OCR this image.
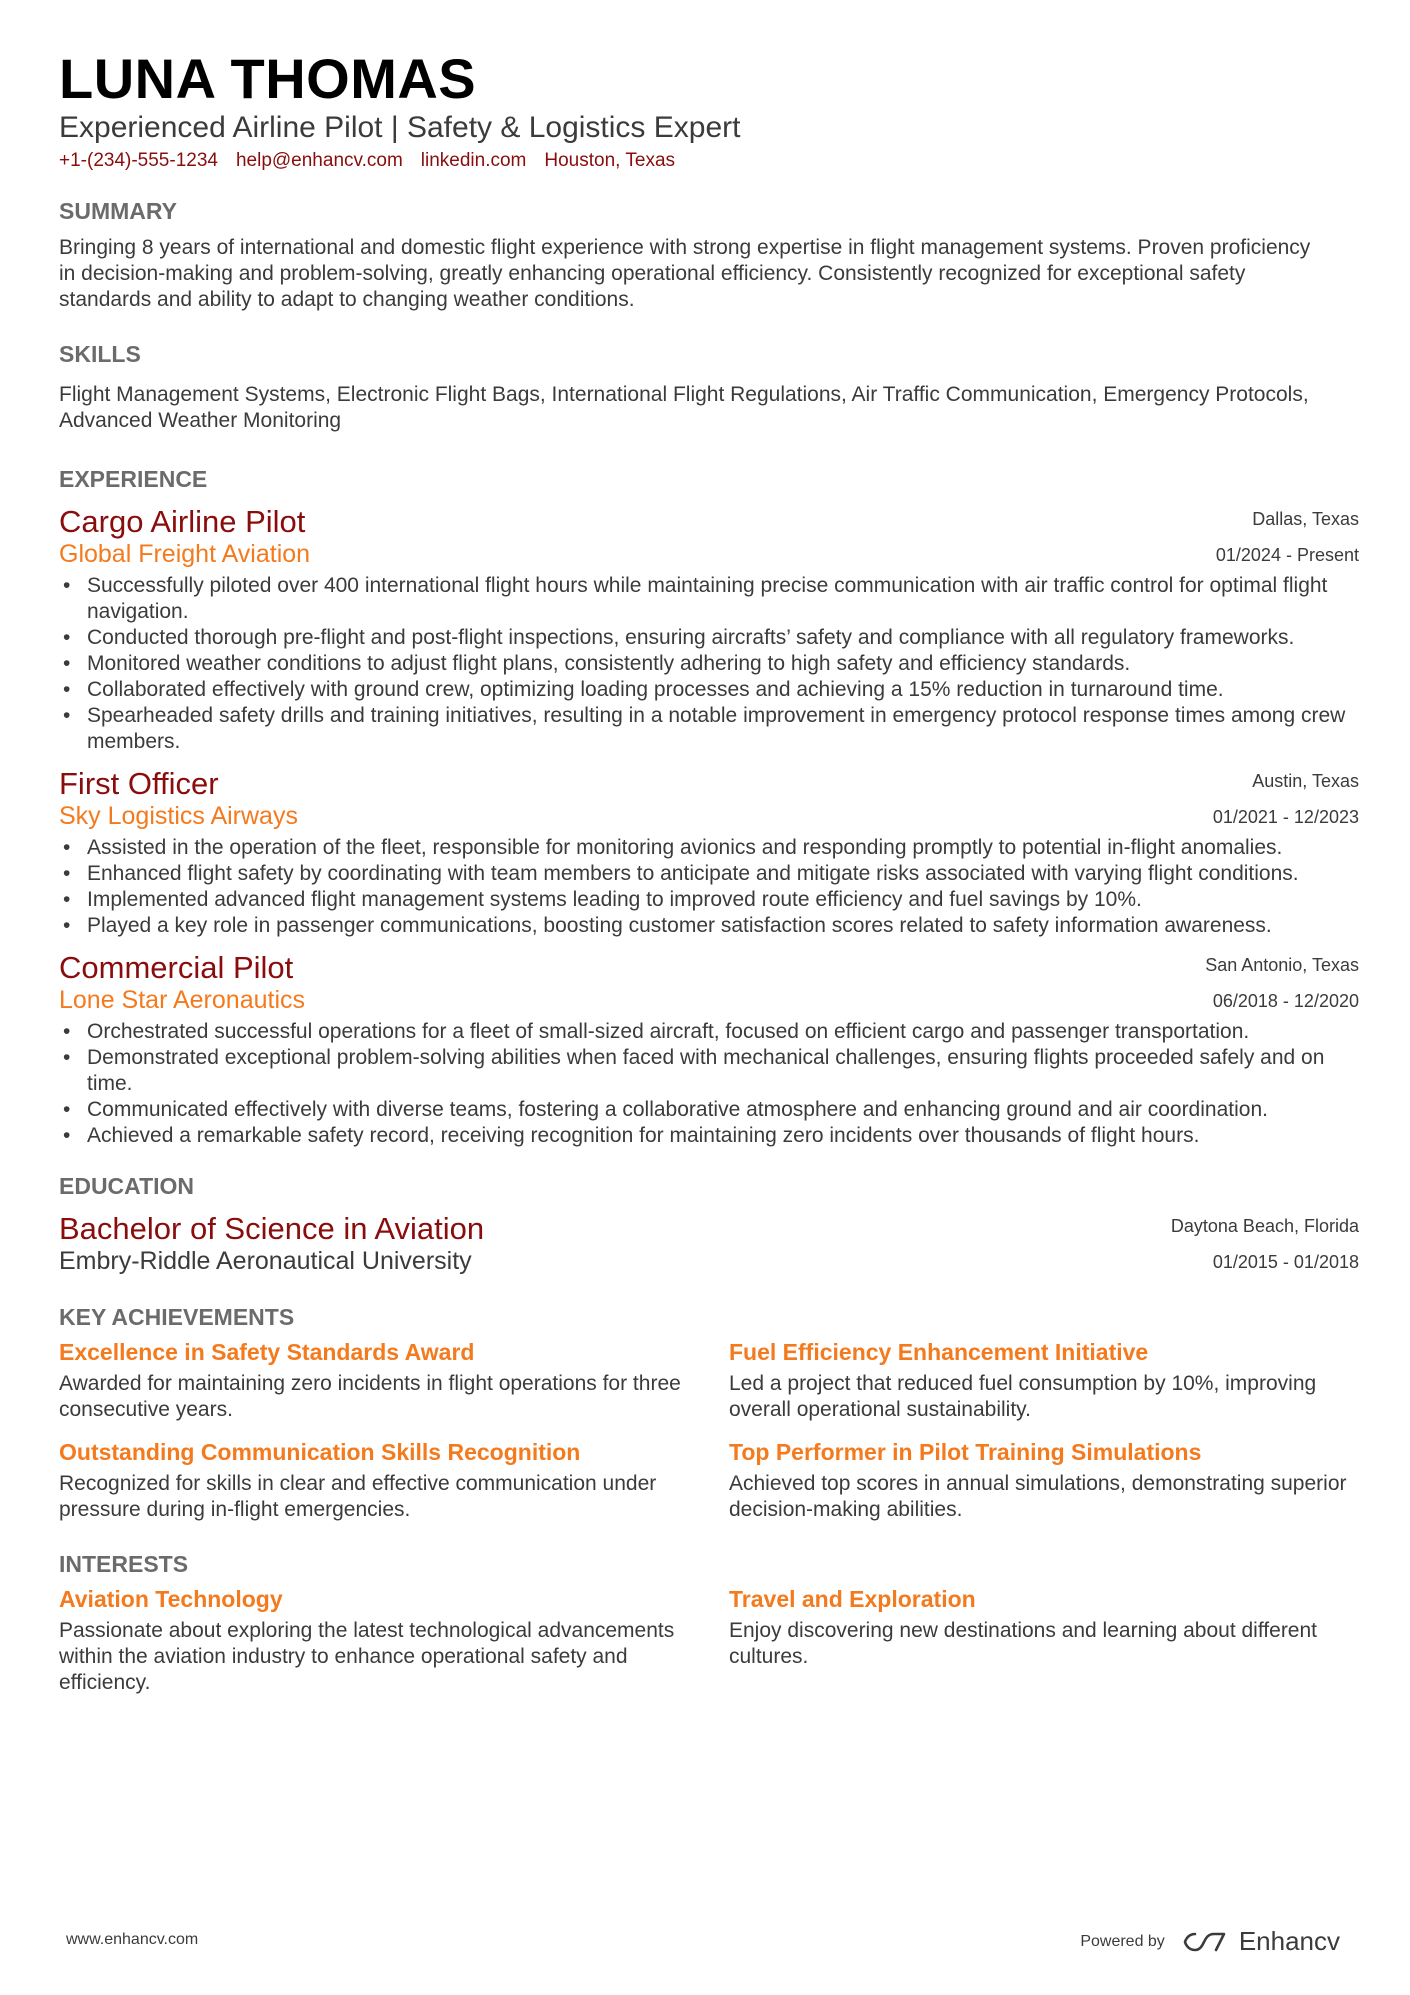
LUNA THOMAS
Experienced Airline Pilot | Safety & Logistics Expert
+1-(234)-555-1234 help@enhancv.com linkedin.com Houston, Texas
SUMMARY
Bringing 8 years of international and domestic flight experience with strong expertise in flight management systems. Proven proficiency in decision-making and problem-solving, greatly enhancing operational efficiency. Consistently recognized for exceptional safety standards and ability to adapt to changing weather conditions.
SKILLS
Flight Management Systems, Electronic Flight Bags, International Flight Regulations, Air Traffic Communication, Emergency Protocols, Advanced Weather Monitoring
EXPERIENCE
Cargo Airline Pilot
Global Freight Aviation
Dallas, Texas
01/2024 - Present
• Successfully piloted over 400 international flight hours while maintaining precise communication with air traffic control for optimal flight navigation.
• Conducted thorough pre-flight and post-flight inspections, ensuring aircrafts’ safety and compliance with all regulatory frameworks.
• Monitored weather conditions to adjust flight plans, consistently adhering to high safety and efficiency standards.
• Collaborated effectively with ground crew, optimizing loading processes and achieving a 15% reduction in turnaround time.
• Spearheaded safety drills and training initiatives, resulting in a notable improvement in emergency protocol response times among crew members.
First Officer
Sky Logistics Airways
Austin, Texas
01/2021 - 12/2023
• Assisted in the operation of the fleet, responsible for monitoring avionics and responding promptly to potential in-flight anomalies.
• Enhanced flight safety by coordinating with team members to anticipate and mitigate risks associated with varying flight conditions.
• Implemented advanced flight management systems leading to improved route efficiency and fuel savings by 10%.
• Played a key role in passenger communications, boosting customer satisfaction scores related to safety information awareness.
Commercial Pilot
Lone Star Aeronautics
San Antonio, Texas
06/2018 - 12/2020
• Orchestrated successful operations for a fleet of small-sized aircraft, focused on efficient cargo and passenger transportation.
• Demonstrated exceptional problem-solving abilities when faced with mechanical challenges, ensuring flights proceeded safely and on time.
• Communicated effectively with diverse teams, fostering a collaborative atmosphere and enhancing ground and air coordination.
• Achieved a remarkable safety record, receiving recognition for maintaining zero incidents over thousands of flight hours.
EDUCATION
Bachelor of Science in Aviation
Embry-Riddle Aeronautical University
Daytona Beach, Florida
01/2015 - 01/2018
KEY ACHIEVEMENTS
Excellence in Safety Standards Award
Awarded for maintaining zero incidents in flight operations for three consecutive years.
Fuel Efficiency Enhancement Initiative
Led a project that reduced fuel consumption by 10%, improving overall operational sustainability.
Outstanding Communication Skills Recognition
Recognized for skills in clear and effective communication under pressure during in-flight emergencies.
Top Performer in Pilot Training Simulations
Achieved top scores in annual simulations, demonstrating superior decision-making abilities.
INTERESTS
Aviation Technology
Passionate about exploring the latest technological advancements within the aviation industry to enhance operational safety and efficiency.
Travel and Exploration
Enjoy discovering new destinations and learning about different cultures.
www.enhancv.com	Powered by	Enhancv
